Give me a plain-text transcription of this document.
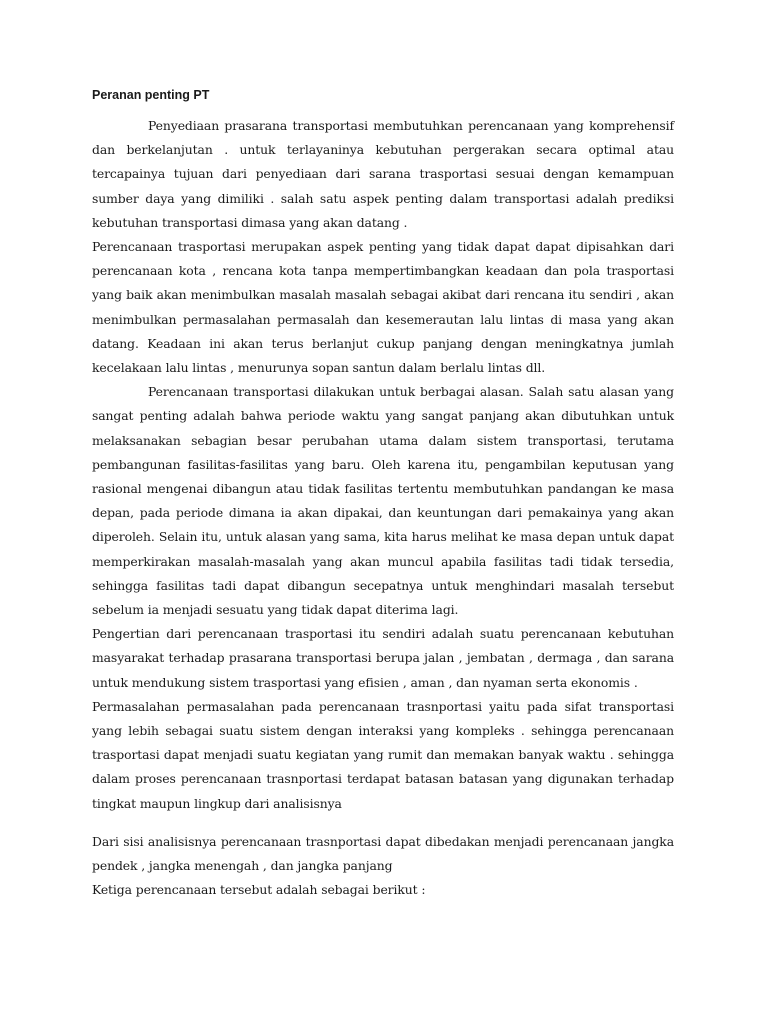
Peranan penting PT

Penyediaan prasarana transportasi membutuhkan perencanaan yang komprehensif dan berkelanjutan . untuk terlayaninya kebutuhan pergerakan secara optimal atau tercapainya tujuan dari penyediaan dari sarana trasportasi sesuai dengan kemampuan sumber daya yang dimiliki . salah satu aspek penting dalam transportasi adalah prediksi kebutuhan transportasi dimasa yang akan datang .

Perencanaan trasportasi merupakan aspek penting yang tidak dapat dapat dipisahkan dari perencanaan kota , rencana kota tanpa mempertimbangkan keadaan dan pola trasportasi yang baik akan menimbulkan masalah masalah sebagai akibat dari rencana itu sendiri , akan menimbulkan permasalahan permasalah dan kesemerautan lalu lintas di masa yang akan datang. Keadaan ini akan terus berlanjut cukup panjang dengan meningkatnya jumlah kecelakaan lalu lintas , menurunya sopan santun dalam berlalu lintas dll.

Perencanaan transportasi dilakukan untuk berbagai alasan. Salah satu alasan yang sangat penting adalah bahwa periode waktu yang sangat panjang akan dibutuhkan untuk melaksanakan sebagian besar perubahan utama dalam sistem transportasi, terutama pembangunan fasilitas-fasilitas yang baru. Oleh karena itu, pengambilan keputusan yang rasional mengenai dibangun atau tidak fasilitas tertentu membutuhkan pandangan ke masa depan, pada periode dimana ia akan dipakai, dan keuntungan dari pemakainya yang akan diperoleh. Selain itu, untuk alasan yang sama, kita harus melihat ke masa depan untuk dapat memperkirakan masalah-masalah yang akan muncul apabila fasilitas tadi tidak tersedia, sehingga fasilitas tadi dapat dibangun secepatnya untuk menghindari masalah tersebut sebelum ia menjadi sesuatu yang tidak dapat diterima lagi.

Pengertian dari perencanaan trasportasi itu sendiri adalah suatu perencanaan kebutuhan masyarakat terhadap prasarana transportasi berupa jalan , jembatan , dermaga , dan sarana untuk mendukung sistem trasportasi yang efisien , aman , dan nyaman serta ekonomis .

Permasalahan permasalahan pada perencanaan trasnportasi yaitu pada sifat transportasi yang lebih sebagai suatu sistem dengan interaksi yang kompleks . sehingga perencanaan trasportasi dapat menjadi suatu kegiatan yang rumit dan memakan banyak waktu . sehingga dalam proses perencanaan trasnportasi terdapat batasan batasan yang digunakan terhadap tingkat maupun lingkup dari analisisnya

Dari sisi analisisnya perencanaan trasnportasi dapat dibedakan menjadi perencanaan jangka pendek , jangka menengah , dan jangka panjang

Ketiga perencanaan tersebut adalah sebagai berikut :
